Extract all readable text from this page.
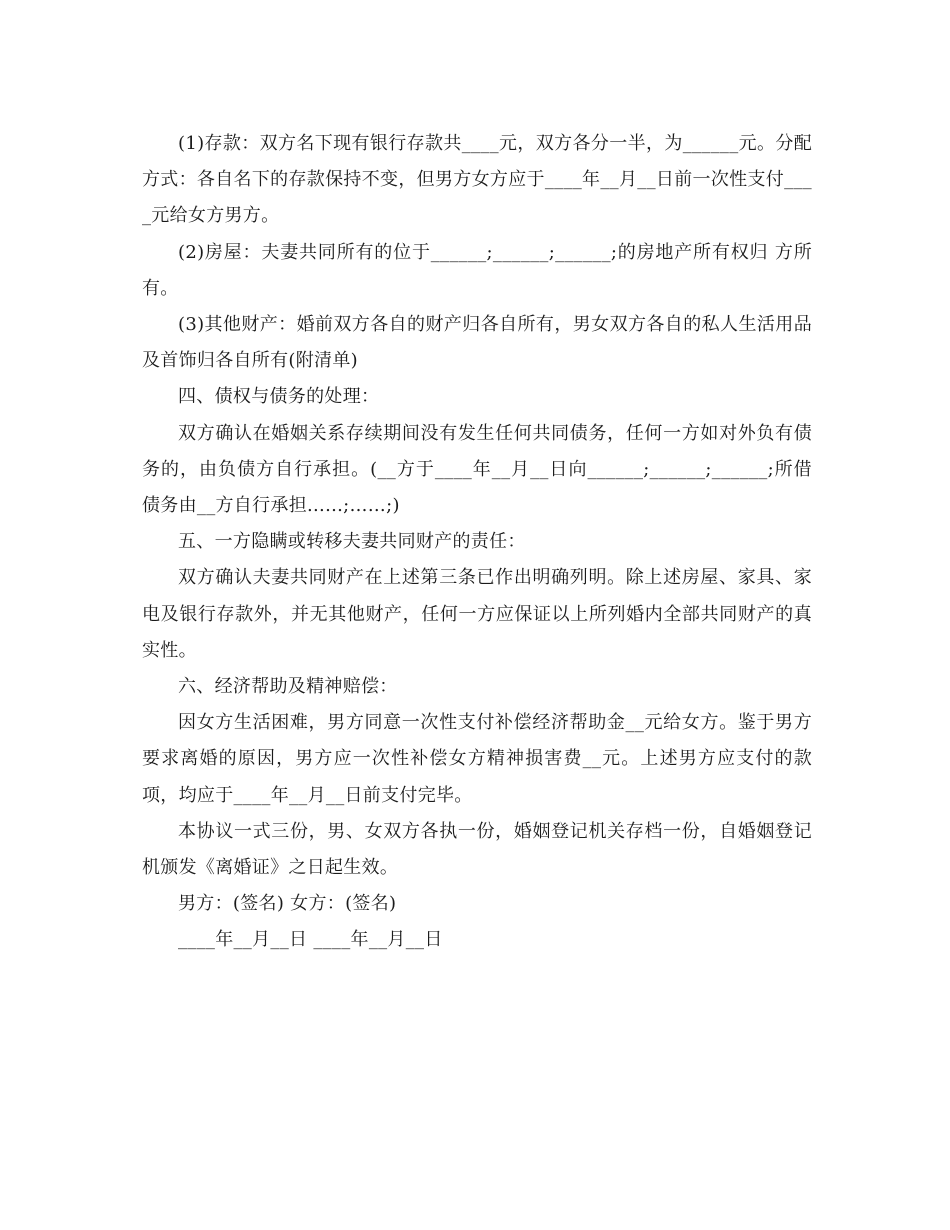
(1)存款：双方名下现有银行存款共____元，双方各分一半，为______元。分配方式：各自名下的存款保持不变，但男方女方应于____年__月__日前一次性支付____元给女方男方。

(2)房屋：夫妻共同所有的位于______;______;______;的房地产所有权归 方所有。

(3)其他财产：婚前双方各自的财产归各自所有，男女双方各自的私人生活用品及首饰归各自所有(附清单)

四、债权与债务的处理：

双方确认在婚姻关系存续期间没有发生任何共同债务，任何一方如对外负有债务的，由负债方自行承担。(__方于____年__月__日向______;______;______;所借债务由__方自行承担......;……;)

五、一方隐瞒或转移夫妻共同财产的责任：

双方确认夫妻共同财产在上述第三条已作出明确列明。除上述房屋、家具、家电及银行存款外，并无其他财产，任何一方应保证以上所列婚内全部共同财产的真实性。

六、经济帮助及精神赔偿：

因女方生活困难，男方同意一次性支付补偿经济帮助金__元给女方。鉴于男方要求离婚的原因，男方应一次性补偿女方精神损害费__元。上述男方应支付的款项，均应于____年__月__日前支付完毕。

本协议一式三份，男、女双方各执一份，婚姻登记机关存档一份，自婚姻登记机颁发《离婚证》之日起生效。

男方：(签名) 女方：(签名)

____年__月__日 ____年__月__日
